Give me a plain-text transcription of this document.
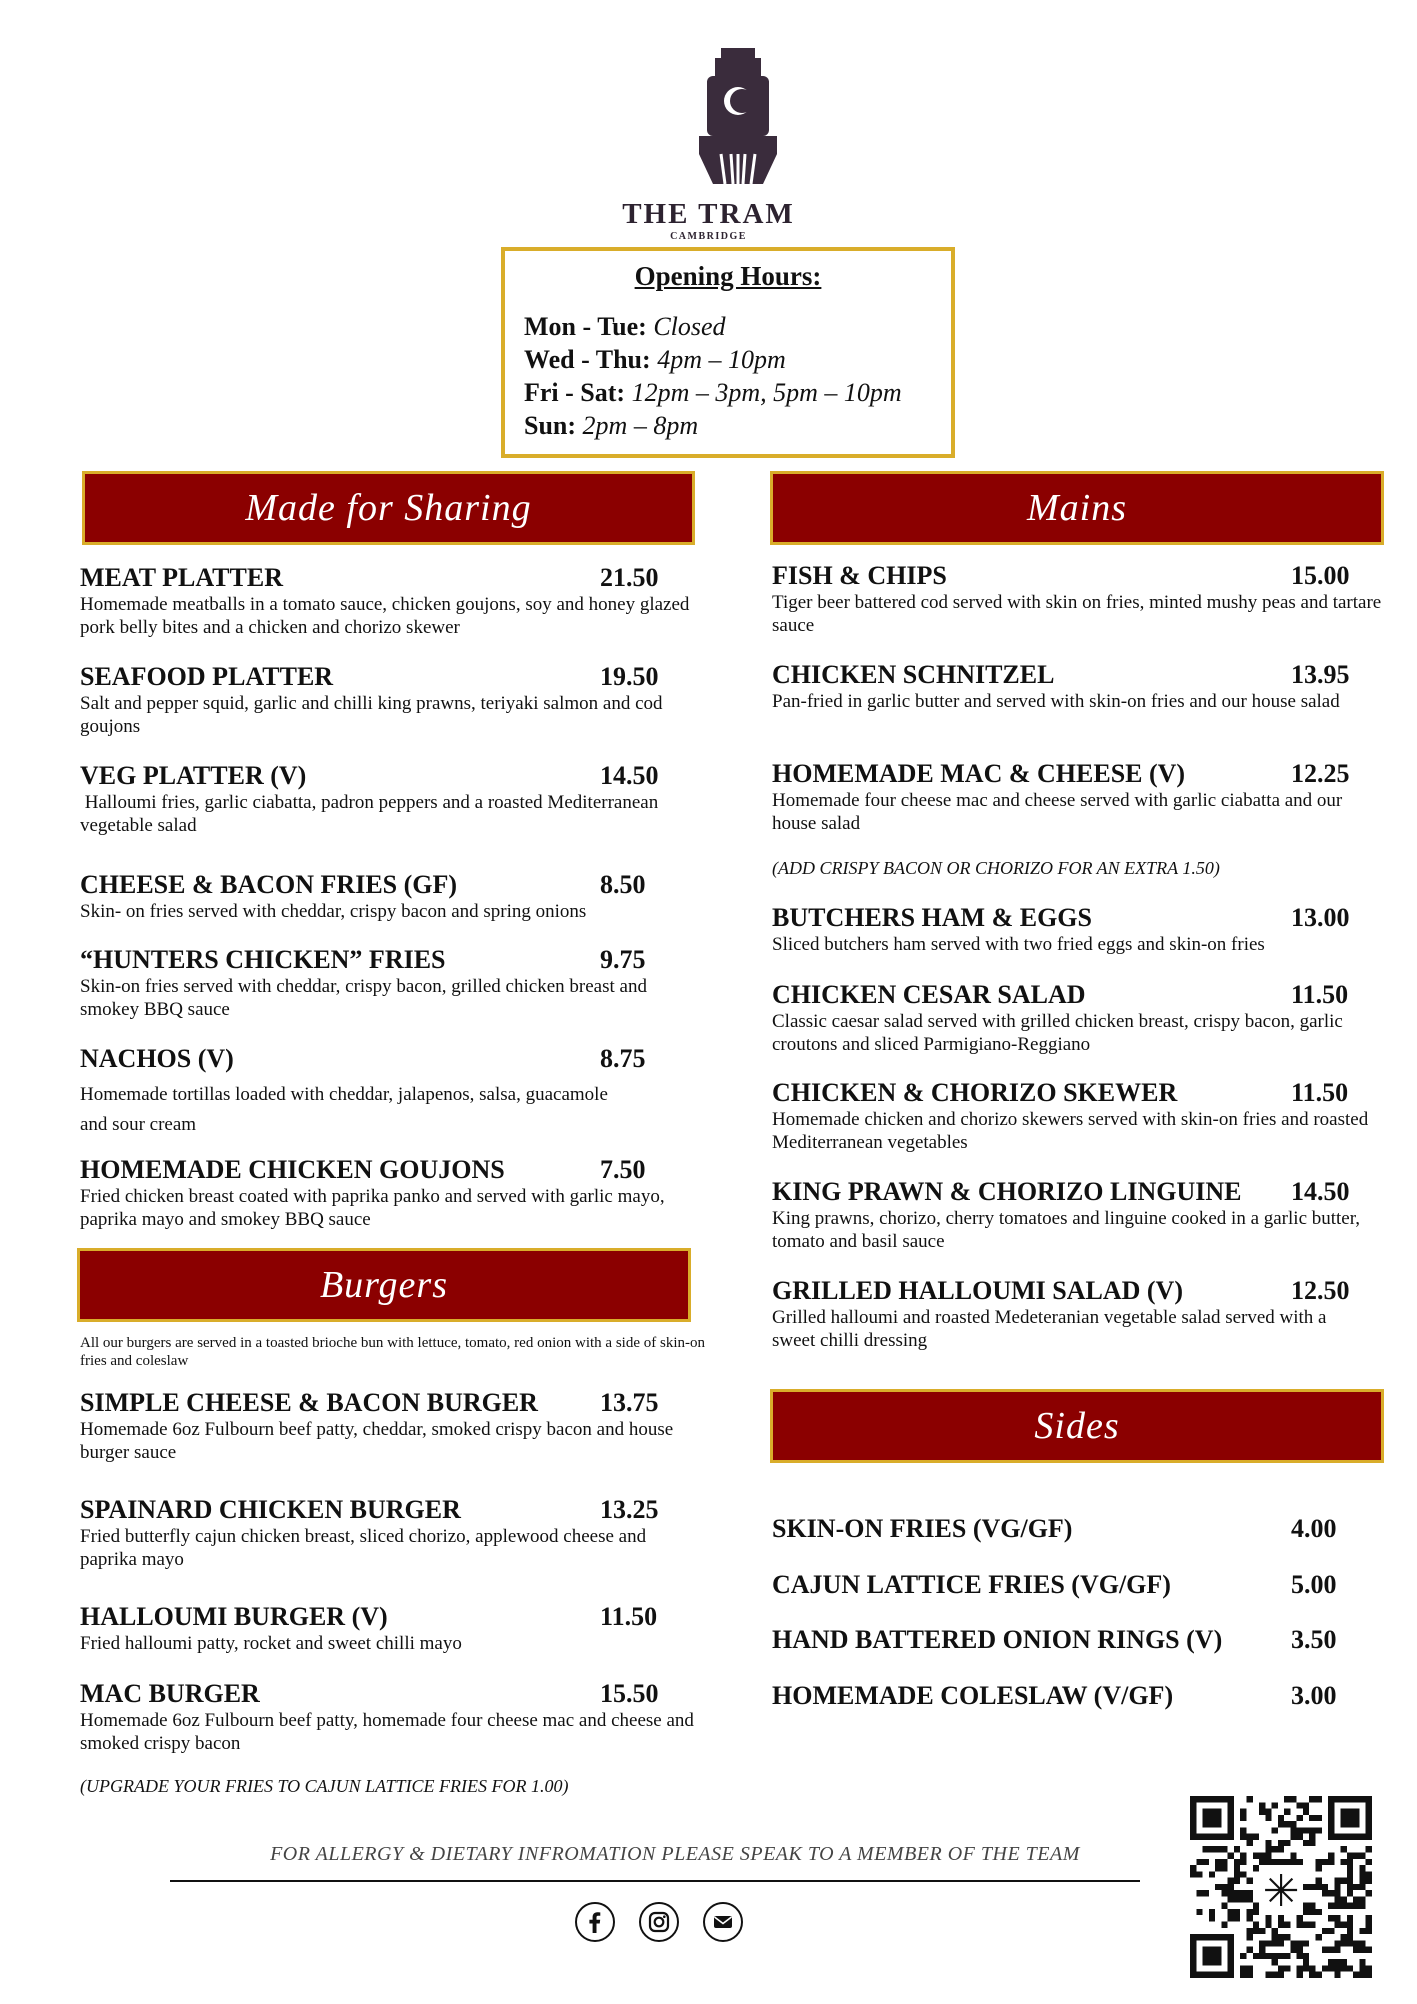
THE TRAM
CAMBRIDGE
Opening Hours:
Mon - Tue: Closed
Wed - Thu: 4pm – 10pm
Fri - Sat: 12pm – 3pm, 5pm – 10pm
Sun: 2pm – 8pm
Made for Sharing
MEAT PLATTER	21.50
Homemade meatballs in a tomato sauce, chicken goujons, soy and honey glazed pork belly bites and a chicken and chorizo skewer
SEAFOOD PLATTER	19.50
Salt and pepper squid, garlic and chilli king prawns, teriyaki salmon and cod goujons
VEG PLATTER (V)	14.50
Halloumi fries, garlic ciabatta, padron peppers and a roasted Mediterranean vegetable salad
CHEESE & BACON FRIES (GF)	8.50
Skin- on fries served with cheddar, crispy bacon and spring onions
“HUNTERS CHICKEN” FRIES	9.75
Skin-on fries served with cheddar, crispy bacon, grilled chicken breast and smokey BBQ sauce
NACHOS (V)	8.75
Homemade tortillas loaded with cheddar, jalapenos, salsa, guacamole and sour cream
HOMEMADE CHICKEN GOUJONS	7.50
Fried chicken breast coated with paprika panko and served with garlic mayo, paprika mayo and smokey BBQ sauce
Burgers
All our burgers are served in a toasted brioche bun with lettuce, tomato, red onion with a side of skin-on fries and coleslaw
SIMPLE CHEESE & BACON BURGER 13.75
Homemade 6oz Fulbourn beef patty, cheddar, smoked crispy bacon and house burger sauce
SPAINARD CHICKEN BURGER	13.25
Fried butterfly cajun chicken breast, sliced chorizo, applewood cheese and paprika mayo
HALLOUMI BURGER (V)	11.50
Fried halloumi patty, rocket and sweet chilli mayo
MAC BURGER	15.50
Homemade 6oz Fulbourn beef patty, homemade four cheese mac and cheese and smoked crispy bacon
(UPGRADE YOUR FRIES TO CAJUN LATTICE FRIES FOR 1.00)
Mains
FISH & CHIPS	15.00
Tiger beer battered cod served with skin on fries, minted mushy peas and tartare sauce
CHICKEN SCHNITZEL	13.95
Pan-fried in garlic butter and served with skin-on fries and our house salad
HOMEMADE MAC & CHEESE (V)	12.25
Homemade four cheese mac and cheese served with garlic ciabatta and our house salad
(ADD CRISPY BACON OR CHORIZO FOR AN EXTRA 1.50)
BUTCHERS HAM & EGGS	13.00
Sliced butchers ham served with two fried eggs and skin-on fries
CHICKEN CESAR SALAD	11.50
Classic caesar salad served with grilled chicken breast, crispy bacon, garlic croutons and sliced Parmigiano-Reggiano
CHICKEN & CHORIZO SKEWER	11.50
Homemade chicken and chorizo skewers served with skin-on fries and roasted Mediterranean vegetables
KING PRAWN & CHORIZO LINGUINE 14.50
King prawns, chorizo, cherry tomatoes and linguine cooked in a garlic butter, tomato and basil sauce
GRILLED HALLOUMI SALAD (V)	12.50
Grilled halloumi and roasted Medeteranian vegetable salad served with a sweet chilli dressing
Sides
SKIN-ON FRIES (VG/GF)	4.00
CAJUN LATTICE FRIES (VG/GF)	5.00
HAND BATTERED ONION RINGS (V)	3.50
HOMEMADE COLESLAW (V/GF)	3.00
FOR ALLERGY & DIETARY INFROMATION PLEASE SPEAK TO A MEMBER OF THE TEAM
✳
